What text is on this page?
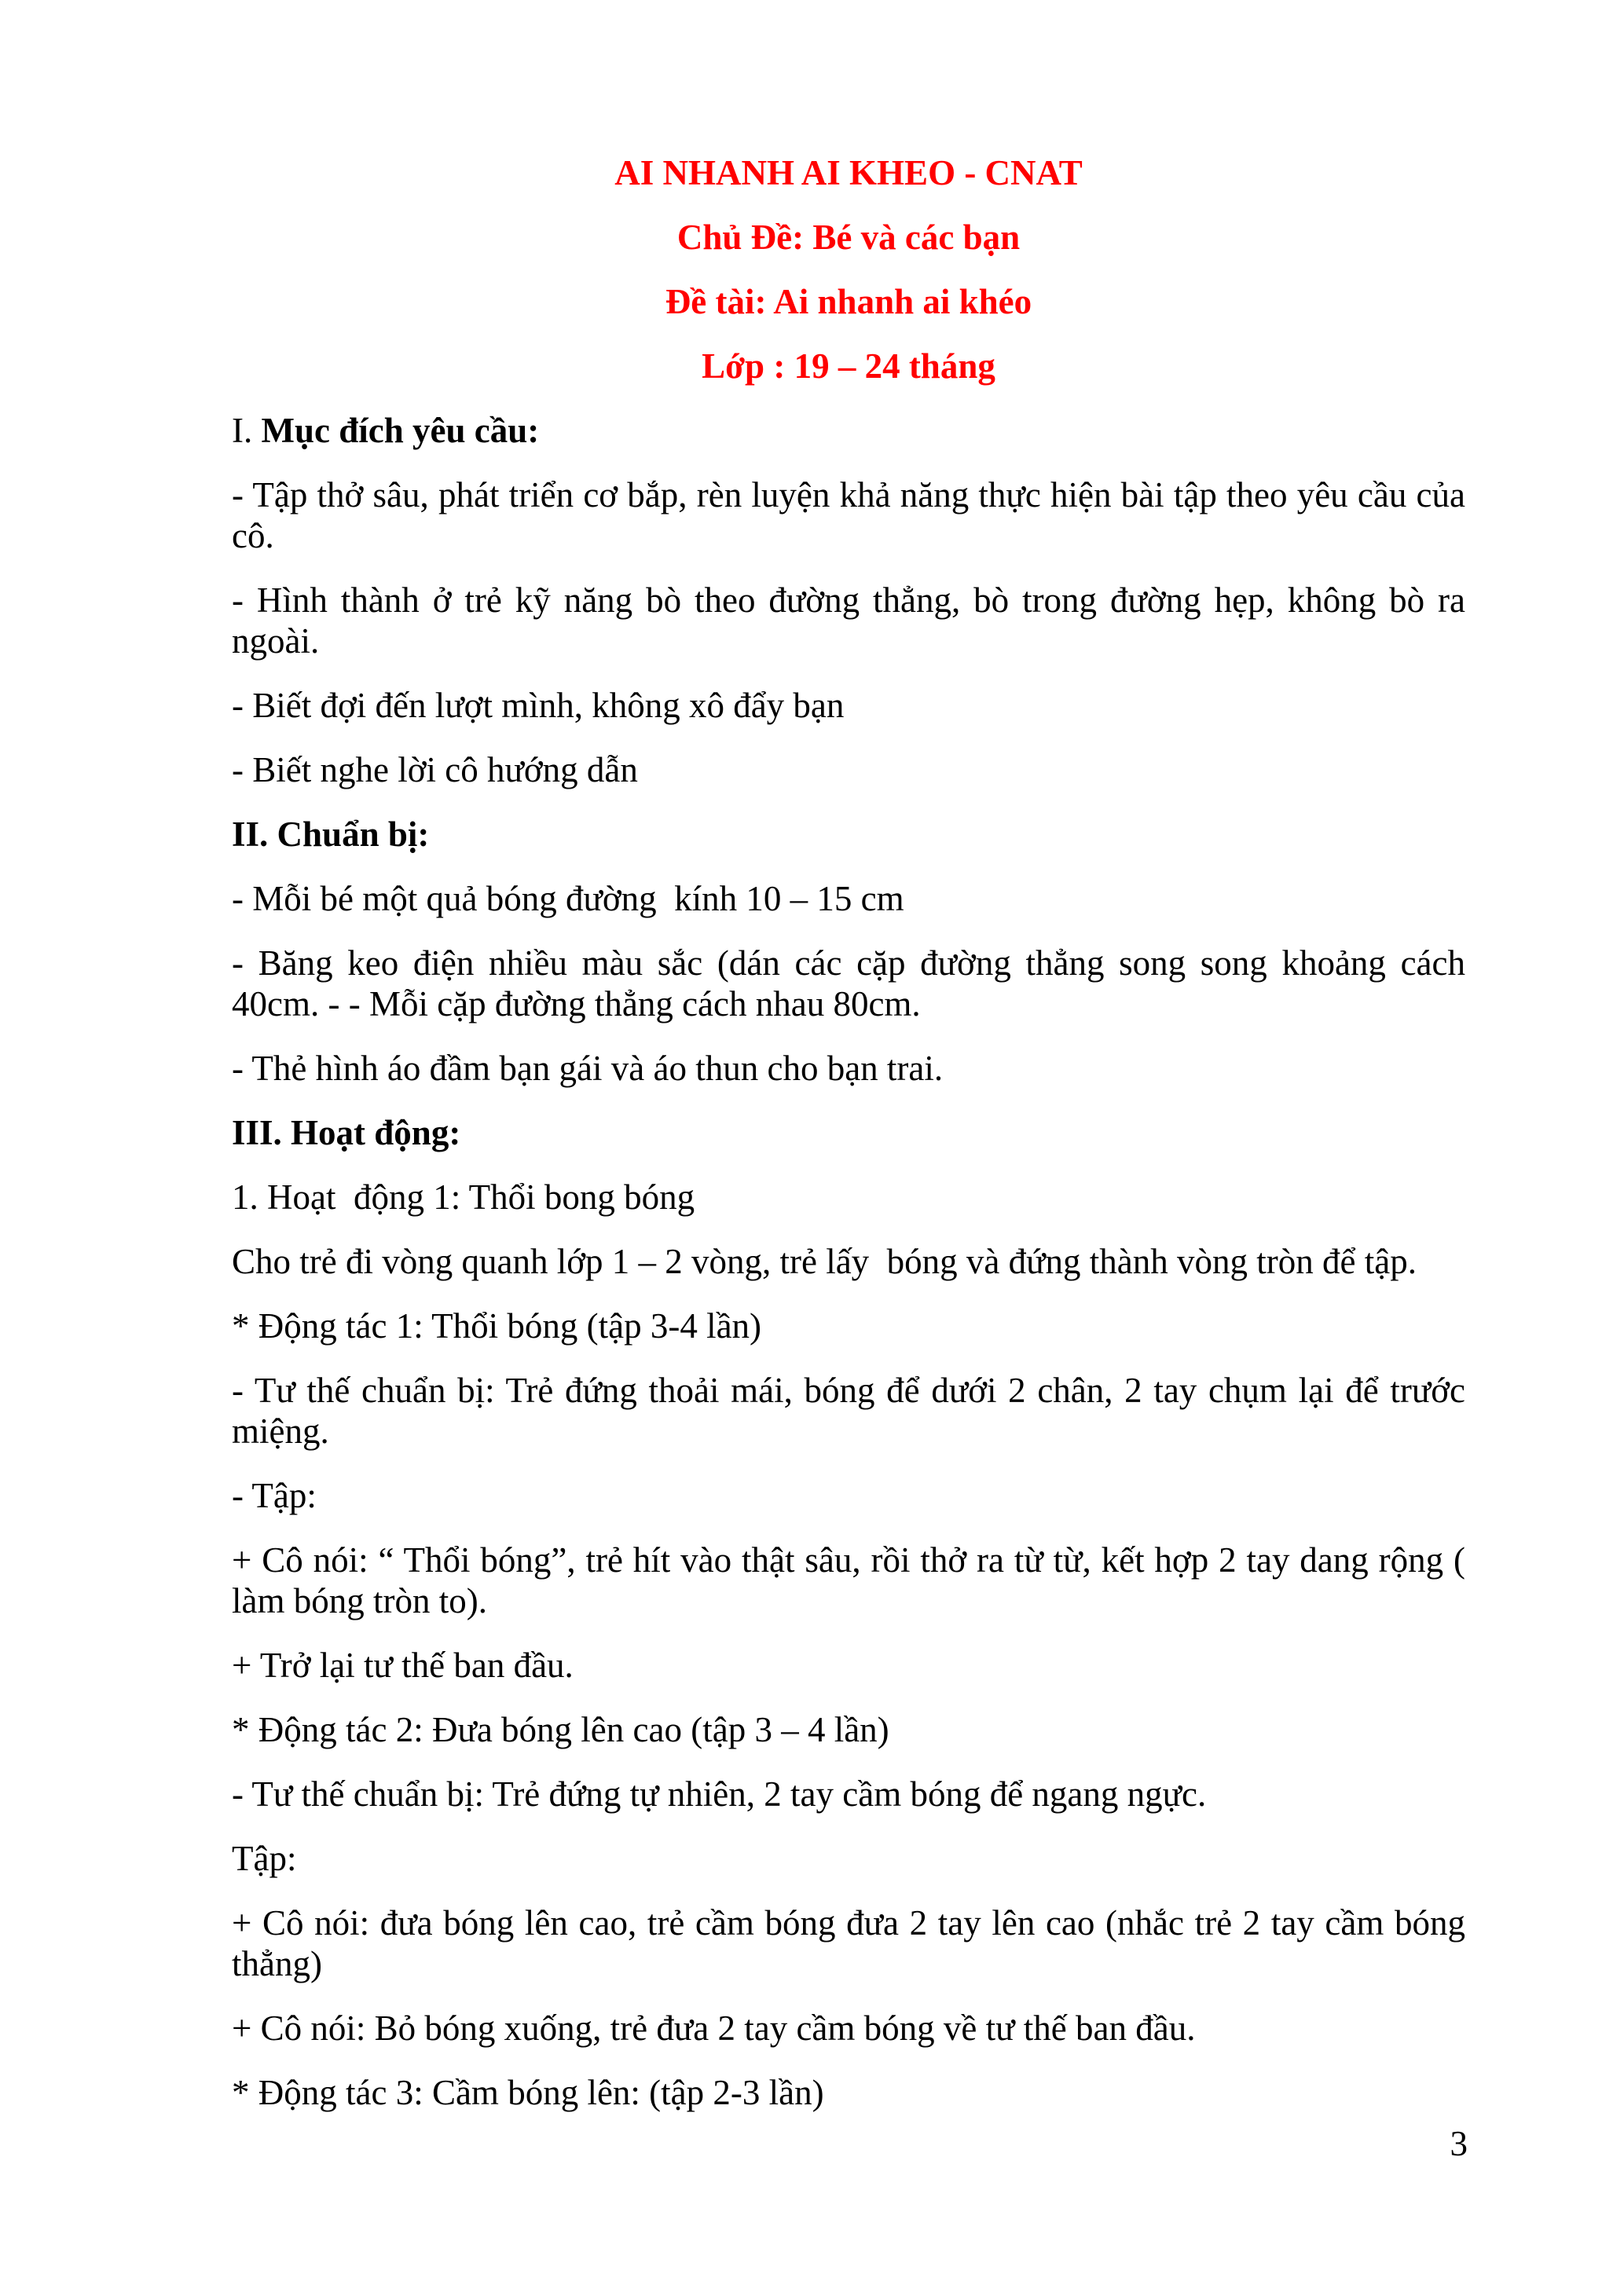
AI NHANH AI KHEO - CNAT

Chủ Đề: Bé và các bạn

Đề tài: Ai nhanh ai khéo

Lớp : 19 – 24 tháng

I. Mục đích yêu cầu:

- Tập thở sâu, phát triển cơ bắp, rèn luyện khả năng thực hiện bài tập theo yêu cầu của cô.

- Hình thành ở trẻ kỹ năng bò theo đường thẳng, bò trong đường hẹp, không bò ra ngoài.

- Biết đợi đến lượt mình, không xô đẩy bạn

- Biết nghe lời cô hướng dẫn

II. Chuẩn bị:

- Mỗi bé một quả bóng đường  kính 10 – 15 cm

- Băng keo điện nhiều màu sắc (dán các cặp đường thẳng song song khoảng cách 40cm. - - Mỗi cặp đường thẳng cách nhau 80cm.

- Thẻ hình áo đầm bạn gái và áo thun cho bạn trai.

III. Hoạt động:

1. Hoạt  động 1: Thổi bong bóng

Cho trẻ đi vòng quanh lớp 1 – 2 vòng, trẻ lấy  bóng và đứng thành vòng tròn để tập.

* Động tác 1: Thổi bóng (tập 3-4 lần)

- Tư thế chuẩn bị: Trẻ đứng thoải mái, bóng để dưới 2 chân, 2 tay chụm lại để trước miệng.

- Tập:

+ Cô nói: “ Thổi bóng”, trẻ hít vào thật sâu, rồi thở ra từ từ, kết hợp 2 tay dang rộng ( làm bóng tròn to).

+ Trở lại tư thế ban đầu.

* Động tác 2: Đưa bóng lên cao (tập 3 – 4 lần)

- Tư thế chuẩn bị: Trẻ đứng tự nhiên, 2 tay cầm bóng để ngang ngực.

Tập:

+ Cô nói: đưa bóng lên cao, trẻ cầm bóng đưa 2 tay lên cao (nhắc trẻ 2 tay cầm bóng thẳng)

+ Cô nói: Bỏ bóng xuống, trẻ đưa 2 tay cầm bóng về tư thế ban đầu.

* Động tác 3: Cầm bóng lên: (tập 2-3 lần)

3
